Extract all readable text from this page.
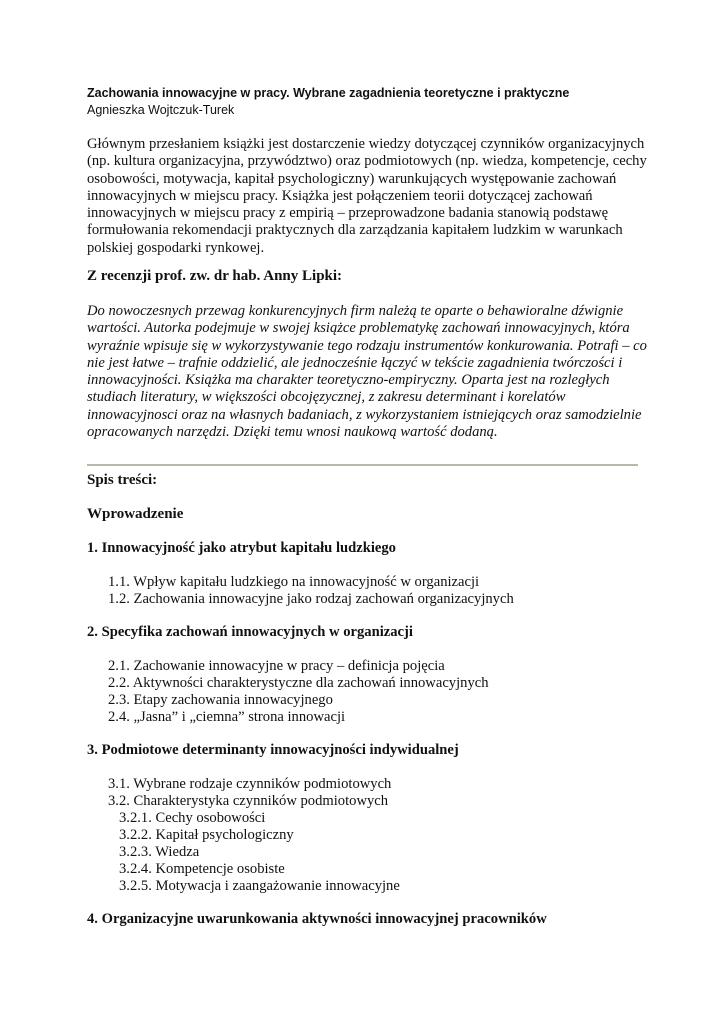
Zachowania innowacyjne w pracy. Wybrane zagadnienia teoretyczne i praktyczne
Agnieszka Wojtczuk-Turek

Głównym przesłaniem książki jest dostarczenie wiedzy dotyczącej czynników organizacyjnych (np. kultura organizacyjna, przywództwo) oraz podmiotowych (np. wiedza, kompetencje, cechy osobowości, motywacja, kapitał psychologiczny) warunkujących występowanie zachowań innowacyjnych w miejscu pracy. Książka jest połączeniem teorii dotyczącej zachowań innowacyjnych w miejscu pracy z empirią – przeprowadzone badania stanowią podstawę formułowania rekomendacji praktycznych dla zarządzania kapitałem ludzkim w warunkach polskiej gospodarki rynkowej.

Z recenzji prof. zw. dr hab. Anny Lipki:

Do nowoczesnych przewag konkurencyjnych firm należą te oparte o behawioralne dźwignie wartości. Autorka podejmuje w swojej książce problematykę zachowań innowacyjnych, która wyraźnie wpisuje się w wykorzystywanie tego rodzaju instrumentów konkurowania. Potrafi – co nie jest łatwe – trafnie oddzielić, ale jednocześnie łączyć w tekście zagadnienia twórczości i innowacyjności. Książka ma charakter teoretyczno-empiryczny. Oparta jest na rozległych studiach literatury, w większości obcojęzycznej, z zakresu determinant i korelatów innowacyjnosci oraz na własnych badaniach, z wykorzystaniem istniejących oraz samodzielnie opracowanych narzędzi. Dzięki temu wnosi naukową wartość dodaną.

Spis treści:
Wprowadzenie
1. Innowacyjność jako atrybut kapitału ludzkiego
1.1. Wpływ kapitału ludzkiego na innowacyjność w organizacji
1.2. Zachowania innowacyjne jako rodzaj zachowań organizacyjnych
2. Specyfika zachowań innowacyjnych w organizacji
2.1. Zachowanie innowacyjne w pracy – definicja pojęcia
2.2. Aktywności charakterystyczne dla zachowań innowacyjnych
2.3. Etapy zachowania innowacyjnego
2.4. „Jasna” i „ciemna” strona innowacji
3. Podmiotowe determinanty innowacyjności indywidualnej
3.1. Wybrane rodzaje czynników podmiotowych
3.2. Charakterystyka czynników podmiotowych
3.2.1. Cechy osobowości
3.2.2. Kapitał psychologiczny
3.2.3. Wiedza
3.2.4. Kompetencje osobiste
3.2.5. Motywacja i zaangażowanie innowacyjne
4. Organizacyjne uwarunkowania aktywności innowacyjnej pracowników
